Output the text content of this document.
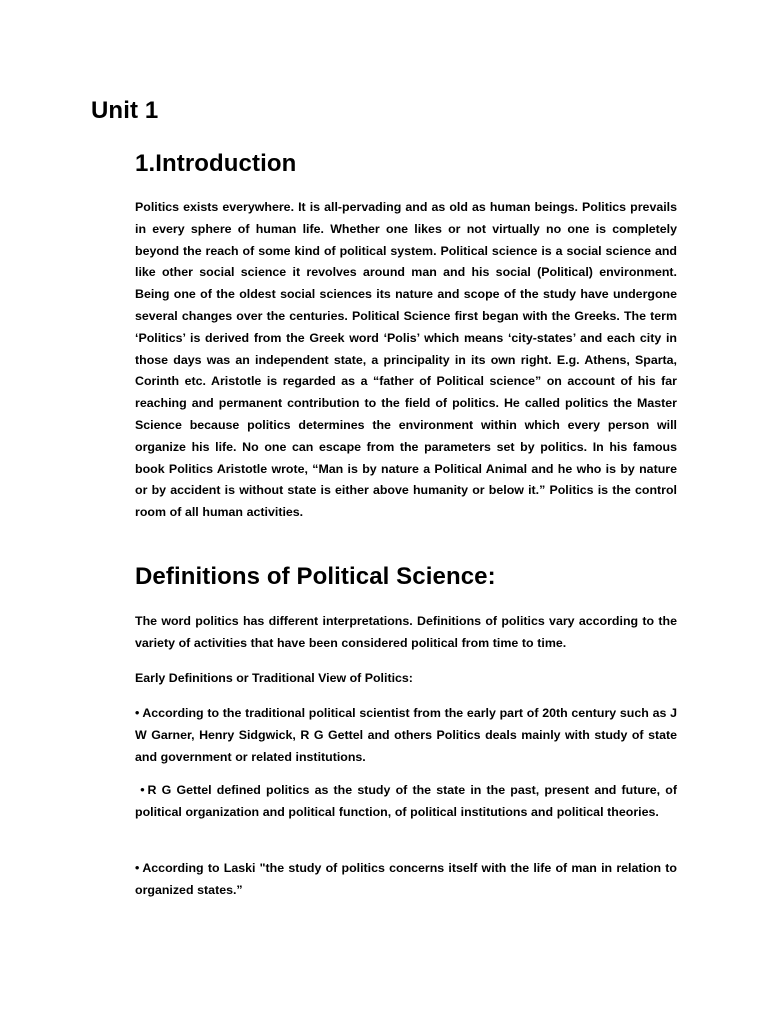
Unit 1
1.Introduction

Politics exists everywhere. It is all-pervading and as old as human beings. Politics prevails in every sphere of human life. Whether one likes or not virtually no one is completely beyond the reach of some kind of political system. Political science is a social science and like other social science it revolves around man and his social (Political) environment. Being one of the oldest social sciences its nature and scope of the study have undergone several changes over the centuries. Political Science first began with the Greeks. The term ‘Politics’ is derived from the Greek word ‘Polis’ which means ‘city-states’ and each city in those days was an independent state, a principality in its own right. E.g. Athens, Sparta, Corinth etc. Aristotle is regarded as a “father of Political science” on account of his far reaching and permanent contribution to the field of politics. He called politics the Master Science because politics determines the environment within which every person will organize his life. No one can escape from the parameters set by politics. In his famous book Politics Aristotle wrote, “Man is by nature a Political Animal and he who is by nature or by accident is without state is either above humanity or below it.” Politics is the control room of all human activities.

Definitions of Political Science:

The word politics has different interpretations. Definitions of politics vary according to the variety of activities that have been considered political from time to time.

Early Definitions or Traditional View of Politics:

• According to the traditional political scientist from the early part of 20th century such as J W Garner, Henry Sidgwick, R G Gettel and others Politics deals mainly with study of state and government or related institutions.

• R G Gettel defined politics as the study of the state in the past, present and future, of political organization and political function, of political institutions and political theories.

• According to Laski "the study of politics concerns itself with the life of man in relation to organized states.”
